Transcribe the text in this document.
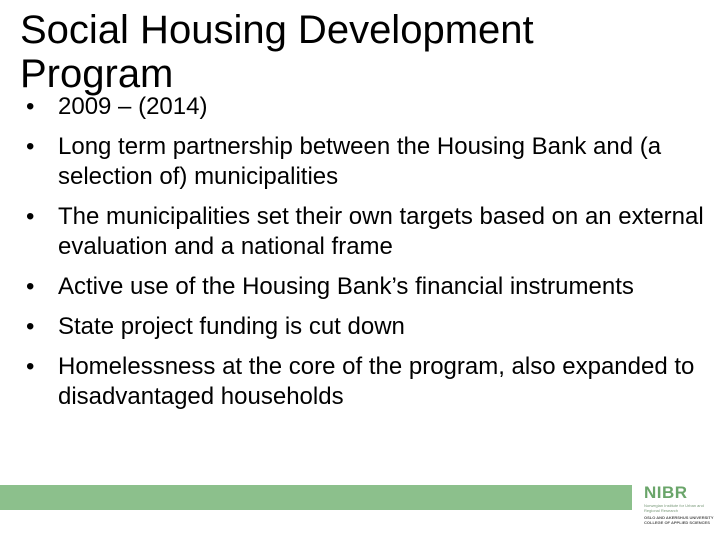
Social Housing Development Program
• 2009 – (2014)
• Long term partnership between the Housing Bank and (a selection of) municipalities
• The municipalities set their own targets based on an external evaluation and a national frame
• Active use of the Housing Bank’s financial instruments
• State project funding is cut down
• Homelessness at the core of the program, also expanded to disadvantaged households
NIBR
Norwegian Institute for Urban and Regional Research
OSLO AND AKERSHUS UNIVERSITY COLLEGE OF APPLIED SCIENCES
